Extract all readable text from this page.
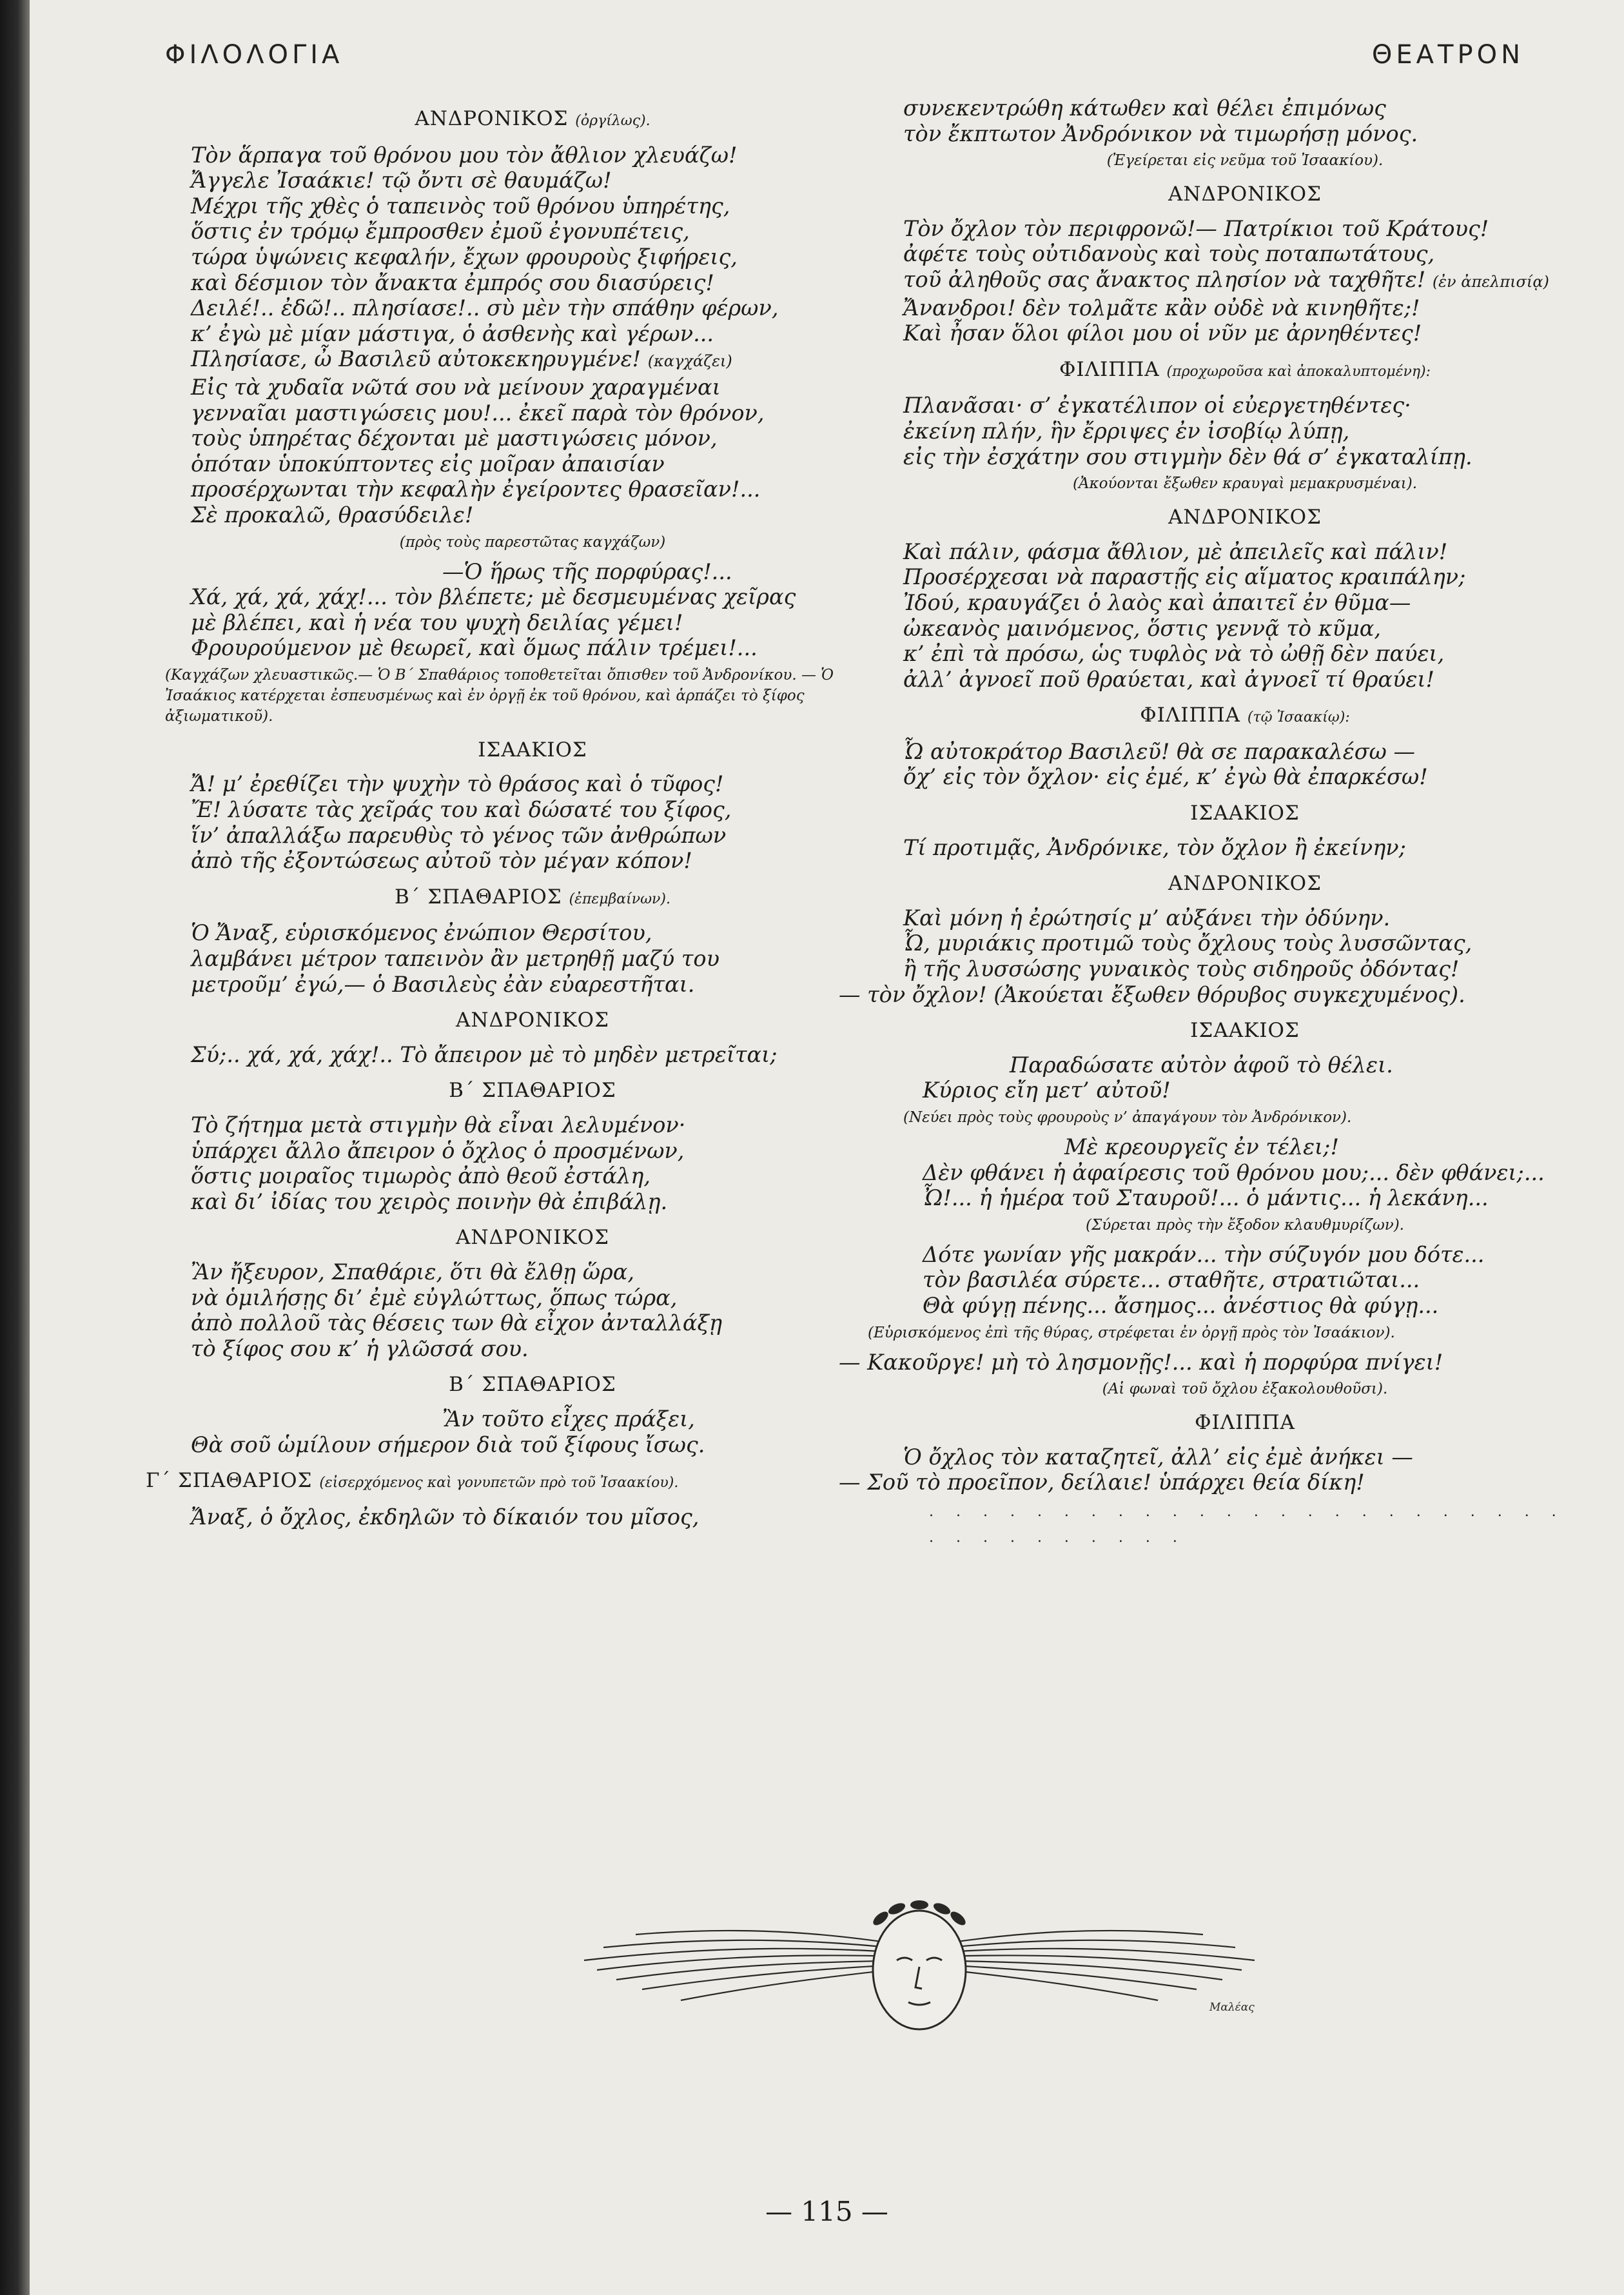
ΦΙΛΟΛΟΓΙΑ	ΘΕΑΤΡΟΝ
ΑΝΔΡΟΝΙΚΟΣ (ὀργίλως).
Τὸν ἅρπαγα τοῦ θρόνου μου τὸν ἄθλιον χλευάζω!
Ἄγγελε Ἰσαάκιε! τῷ ὄντι σὲ θαυμάζω!
Μέχρι τῆς χθὲς ὁ ταπεινὸς τοῦ θρόνου ὑπηρέτης,
ὅστις ἐν τρόμῳ ἔμπροσθεν ἐμοῦ ἐγονυπέτεις,
τώρα ὑψώνεις κεφαλήν, ἔχων φρουροὺς ξιφήρεις,
καὶ δέσμιον τὸν ἄνακτα ἐμπρός σου διασύρεις!
Δειλέ!.. ἐδῶ!.. πλησίασε!.. σὺ μὲν τὴν σπάθην φέρων,
κ’ ἐγὼ μὲ μίαν μάστιγα, ὁ ἀσθενὴς καὶ γέρων...
Πλησίασε, ὦ Βασιλεῦ αὐτοκεκηρυγμένε! (καγχάζει)
Εἰς τὰ χυδαῖα νῶτά σου νὰ μείνουν χαραγμέναι
γενναῖαι μαστιγώσεις μου!... ἐκεῖ παρὰ τὸν θρόνον,
τοὺς ὑπηρέτας δέχονται μὲ μαστιγώσεις μόνον,
ὁπόταν ὑποκύπτοντες εἰς μοῖραν ἀπαισίαν
προσέρχωνται τὴν κεφαλὴν ἐγείροντες θρασεῖαν!...
Σὲ προκαλῶ, θρασύδειλε!
(πρὸς τοὺς παρεστῶτας καγχάζων)
—Ὁ ἥρως τῆς πορφύρας!...
Χά, χά, χά, χάχ!... τὸν βλέπετε; μὲ δεσμευμένας χεῖρας
μὲ βλέπει, καὶ ἡ νέα του ψυχὴ δειλίας γέμει!
Φρουρούμενον μὲ θεωρεῖ, καὶ ὅμως πάλιν τρέμει!...
(Καγχάζων χλευαστικῶς.— Ὁ Β΄ Σπαθάριος τοποθετεῖται ὄπισθεν τοῦ Ἀνδρονίκου. — Ὁ Ἰσαάκιος κατέρχεται ἐσπευσμένως καὶ ἐν ὀργῇ ἐκ τοῦ θρόνου, καὶ ἁρπάζει τὸ ξίφος ἀξιωματικοῦ).
ΙΣΑΑΚΙΟΣ
Ἄ! μ’ ἐρεθίζει τὴν ψυχὴν τὸ θράσος καὶ ὁ τῦφος!
Ἔ! λύσατε τὰς χεῖράς του καὶ δώσατέ του ξίφος,
ἵν’ ἀπαλλάξω παρευθὺς τὸ γένος τῶν ἀνθρώπων
ἀπὸ τῆς ἐξοντώσεως αὐτοῦ τὸν μέγαν κόπον!
Β΄ ΣΠΑΘΑΡΙΟΣ (ἐπεμβαίνων).
Ὁ Ἄναξ, εὑρισκόμενος ἐνώπιον Θερσίτου,
λαμβάνει μέτρον ταπεινὸν ἂν μετρηθῇ μαζύ του
μετροῦμ’ ἐγώ,— ὁ Βασιλεὺς ἐὰν εὐαρεστῆται.
ΑΝΔΡΟΝΙΚΟΣ
Σύ;.. χά, χά, χάχ!.. Τὸ ἄπειρον μὲ τὸ μηδὲν μετρεῖται;
Β΄ ΣΠΑΘΑΡΙΟΣ
Τὸ ζήτημα μετὰ στιγμὴν θὰ εἶναι λελυμένον·
ὑπάρχει ἄλλο ἄπειρον ὁ ὄχλος ὁ προσμένων,
ὅστις μοιραῖος τιμωρὸς ἀπὸ θεοῦ ἐστάλη,
καὶ δι’ ἰδίας του χειρὸς ποινὴν θὰ ἐπιβάλῃ.
ΑΝΔΡΟΝΙΚΟΣ
Ἂν ἤξευρον, Σπαθάριε, ὅτι θὰ ἔλθῃ ὥρα,
νὰ ὁμιλήσῃς δι’ ἐμὲ εὐγλώττως, ὅπως τώρα,
ἀπὸ πολλοῦ τὰς θέσεις των θὰ εἶχον ἀνταλλάξῃ
τὸ ξίφος σου κ’ ἡ γλῶσσά σου.
Β΄ ΣΠΑΘΑΡΙΟΣ
Ἂν τοῦτο εἶχες πράξει,
Θὰ σοῦ ὡμίλουν σήμερον διὰ τοῦ ξίφους ἴσως.
Γ΄ ΣΠΑΘΑΡΙΟΣ (εἰσερχόμενος καὶ γονυπετῶν πρὸ τοῦ Ἰσαακίου).
Ἄναξ, ὁ ὄχλος, ἐκδηλῶν τὸ δίκαιόν του μῖσος,
συνεκεντρώθη κάτωθεν καὶ θέλει ἐπιμόνως
τὸν ἔκπτωτον Ἀνδρόνικον νὰ τιμωρήσῃ μόνος.
(Ἐγείρεται εἰς νεῦμα τοῦ Ἰσαακίου).
ΑΝΔΡΟΝΙΚΟΣ
Τὸν ὄχλον τὸν περιφρονῶ!— Πατρίκιοι τοῦ Κράτους!
ἀφέτε τοὺς οὐτιδανοὺς καὶ τοὺς ποταπωτάτους,
τοῦ ἀληθοῦς σας ἄνακτος πλησίον νὰ ταχθῆτε! (ἐν ἀπελπισίᾳ)
Ἄνανδροι! δὲν τολμᾶτε κἂν οὐδὲ νὰ κινηθῆτε;!
Καὶ ἦσαν ὅλοι φίλοι μου οἱ νῦν με ἀρνηθέντες!
ΦΙΛΙΠΠΑ (προχωροῦσα καὶ ἀποκαλυπτομένη):
Πλανᾶσαι· σ’ ἐγκατέλιπον οἱ εὐεργετηθέντες·
ἐκείνη πλήν, ἣν ἔρριψες ἐν ἰσοβίῳ λύπῃ,
εἰς τὴν ἐσχάτην σου στιγμὴν δὲν θά σ’ ἐγκαταλίπῃ.
(Ἀκούονται ἔξωθεν κραυγαὶ μεμακρυσμέναι).
ΑΝΔΡΟΝΙΚΟΣ
Καὶ πάλιν, φάσμα ἄθλιον, μὲ ἀπειλεῖς καὶ πάλιν!
Προσέρχεσαι νὰ παραστῇς εἰς αἵματος κραιπάλην;
Ἰδού, κραυγάζει ὁ λαὸς καὶ ἀπαιτεῖ ἐν θῦμα—
ὠκεανὸς μαινόμενος, ὅστις γεννᾷ τὸ κῦμα,
κ’ ἐπὶ τὰ πρόσω, ὡς τυφλὸς νὰ τὸ ὠθῇ δὲν παύει,
ἀλλ’ ἀγνοεῖ ποῦ θραύεται, καὶ ἀγνοεῖ τί θραύει!
ΦΙΛΙΠΠΑ (τῷ Ἰσαακίῳ):
Ὦ αὐτοκράτορ Βασιλεῦ! θὰ σε παρακαλέσω —
ὄχ’ εἰς τὸν ὄχλον· εἰς ἐμέ, κ’ ἐγὼ θὰ ἐπαρκέσω!
ΙΣΑΑΚΙΟΣ
Τί προτιμᾷς, Ἀνδρόνικε, τὸν ὄχλον ἢ ἐκείνην;
ΑΝΔΡΟΝΙΚΟΣ
Καὶ μόνη ἡ ἐρώτησίς μ’ αὐξάνει τὴν ὀδύνην.
Ὦ, μυριάκις προτιμῶ τοὺς ὄχλους τοὺς λυσσῶντας,
ἢ τῆς λυσσώσης γυναικὸς τοὺς σιδηροῦς ὀδόντας!
— τὸν ὄχλον! (Ἀκούεται ἔξωθεν θόρυβος συγκεχυμένος).
ΙΣΑΑΚΙΟΣ
Παραδώσατε αὐτὸν ἀφοῦ τὸ θέλει.
Κύριος εἴη μετ’ αὐτοῦ!
(Νεύει πρὸς τοὺς φρουροὺς ν’ ἀπαγάγουν τὸν Ἀνδρόνικον).
Μὲ κρεουργεῖς ἐν τέλει;!
Δὲν φθάνει ἡ ἀφαίρεσις τοῦ θρόνου μου;... δὲν φθάνει;...
Ὦ!... ἡ ἡμέρα τοῦ Σταυροῦ!... ὁ μάντις... ἡ λεκάνη...
(Σύρεται πρὸς τὴν ἔξοδον κλαυθμυρίζων).
Δότε γωνίαν γῆς μακράν... τὴν σύζυγόν μου δότε...
τὸν βασιλέα σύρετε... σταθῆτε, στρατιῶται...
Θὰ φύγῃ πένης... ἄσημος... ἀνέστιος θὰ φύγῃ...
(Εὑρισκόμενος ἐπὶ τῆς θύρας, στρέφεται ἐν ὀργῇ πρὸς τὸν Ἰσαάκιον).
— Κακοῦργε! μὴ τὸ λησμονῇς!... καὶ ἡ πορφύρα πνίγει!
(Αἱ φωναὶ τοῦ ὄχλου ἐξακολουθοῦσι).
ΦΙΛΙΠΠΑ
Ὁ ὄχλος τὸν καταζητεῖ, ἀλλ’ εἰς ἐμὲ ἀνήκει —
— Σοῦ τὸ προεῖπον, δείλαιε! ὑπάρχει θεία δίκη!
. . . . . . . . . . . . . . . . . . . . . . . . . . . . . . . . . .
Μαλέας
— 115 —
